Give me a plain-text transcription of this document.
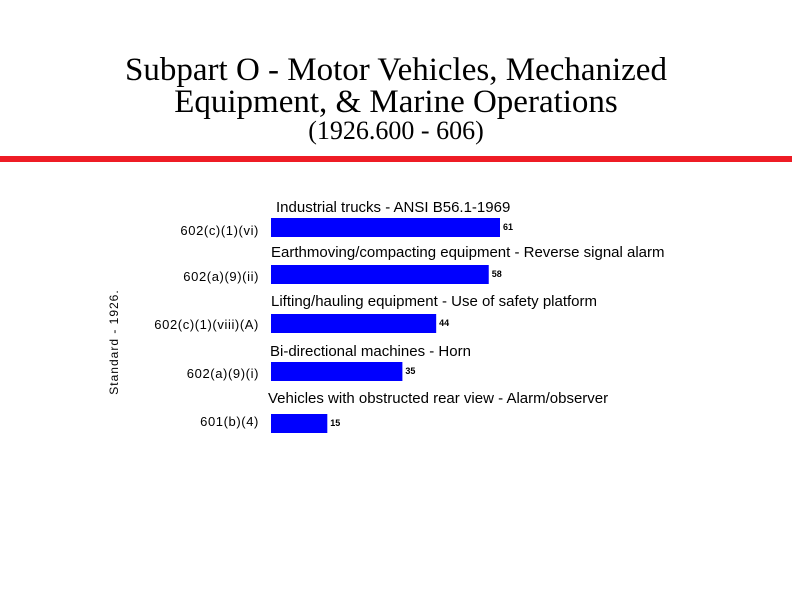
Subpart O - Motor Vehicles, Mechanized
Equipment, & Marine Operations
(1926.600 - 606)
Standard - 1926.
Industrial trucks - ANSI B56.1-1969
602(c)(1)(vi)	61
Earthmoving/compacting equipment - Reverse signal alarm
602(a)(9)(ii)	58
Lifting/hauling equipment - Use of safety platform
602(c)(1)(viii)(A)	44
Bi-directional machines - Horn
602(a)(9)(i)	35
Vehicles with obstructed rear view - Alarm/observer
601(b)(4)	15
